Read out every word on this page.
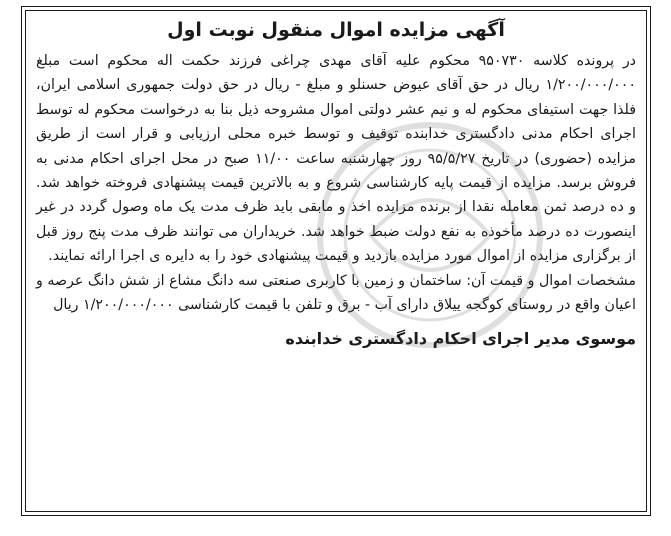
آگهی مزایده اموال منقول نوبت اول

در پرونده کلاسه ۹۵۰۷۳۰ محکوم علیه آقای مهدی چراغی فرزند حکمت اله محکوم است مبلغ ۱/۲۰۰/۰۰۰/۰۰۰ ریال در حق آقای عیوض حسنلو و مبلغ - ریال در حق دولت جمهوری اسلامی ایران، فلذا جهت استیفای محکوم له و نیم عشر دولتی اموال مشروحه ذیل بنا به درخواست محکوم له توسط اجرای احکام مدنی دادگستری خدابنده توقیف و توسط خبره محلی ارزیابی و قرار است از طریق مزایده (حضوری) در تاریخ ۹۵/۵/۲۷ روز چهارشنبه ساعت ۱۱/۰۰ صبح در محل اجرای احکام مدنی به فروش برسد. مزایده از قیمت پایه کارشناسی شروع و به بالاترین قیمت پیشنهادی فروخته خواهد شد. و ده درصد ثمن معامله نقدا از برنده مزایده اخذ و مابقی باید ظرف مدت یک ماه وصول گردد در غیر اینصورت ده درصد مأخوذه به نفع دولت ضبط خواهد شد. خریداران می توانند ظرف مدت پنج روز قبل از برگزاری مزایده از اموال مورد مزایده بازدید و قیمت پیشنهادی خود را به دایره ی اجرا ارائه نمایند.

مشخصات اموال و قیمت آن: ساختمان و زمین با کاربری صنعتی سه دانگ مشاع از شش دانگ عرصه و اعیان واقع در روستای کوگجه ییلاق دارای آب - برق و تلفن با قیمت کارشناسی ۱/۲۰۰/۰۰۰/۰۰۰ ریال

موسوی مدیر اجرای احکام دادگستری خدابنده
